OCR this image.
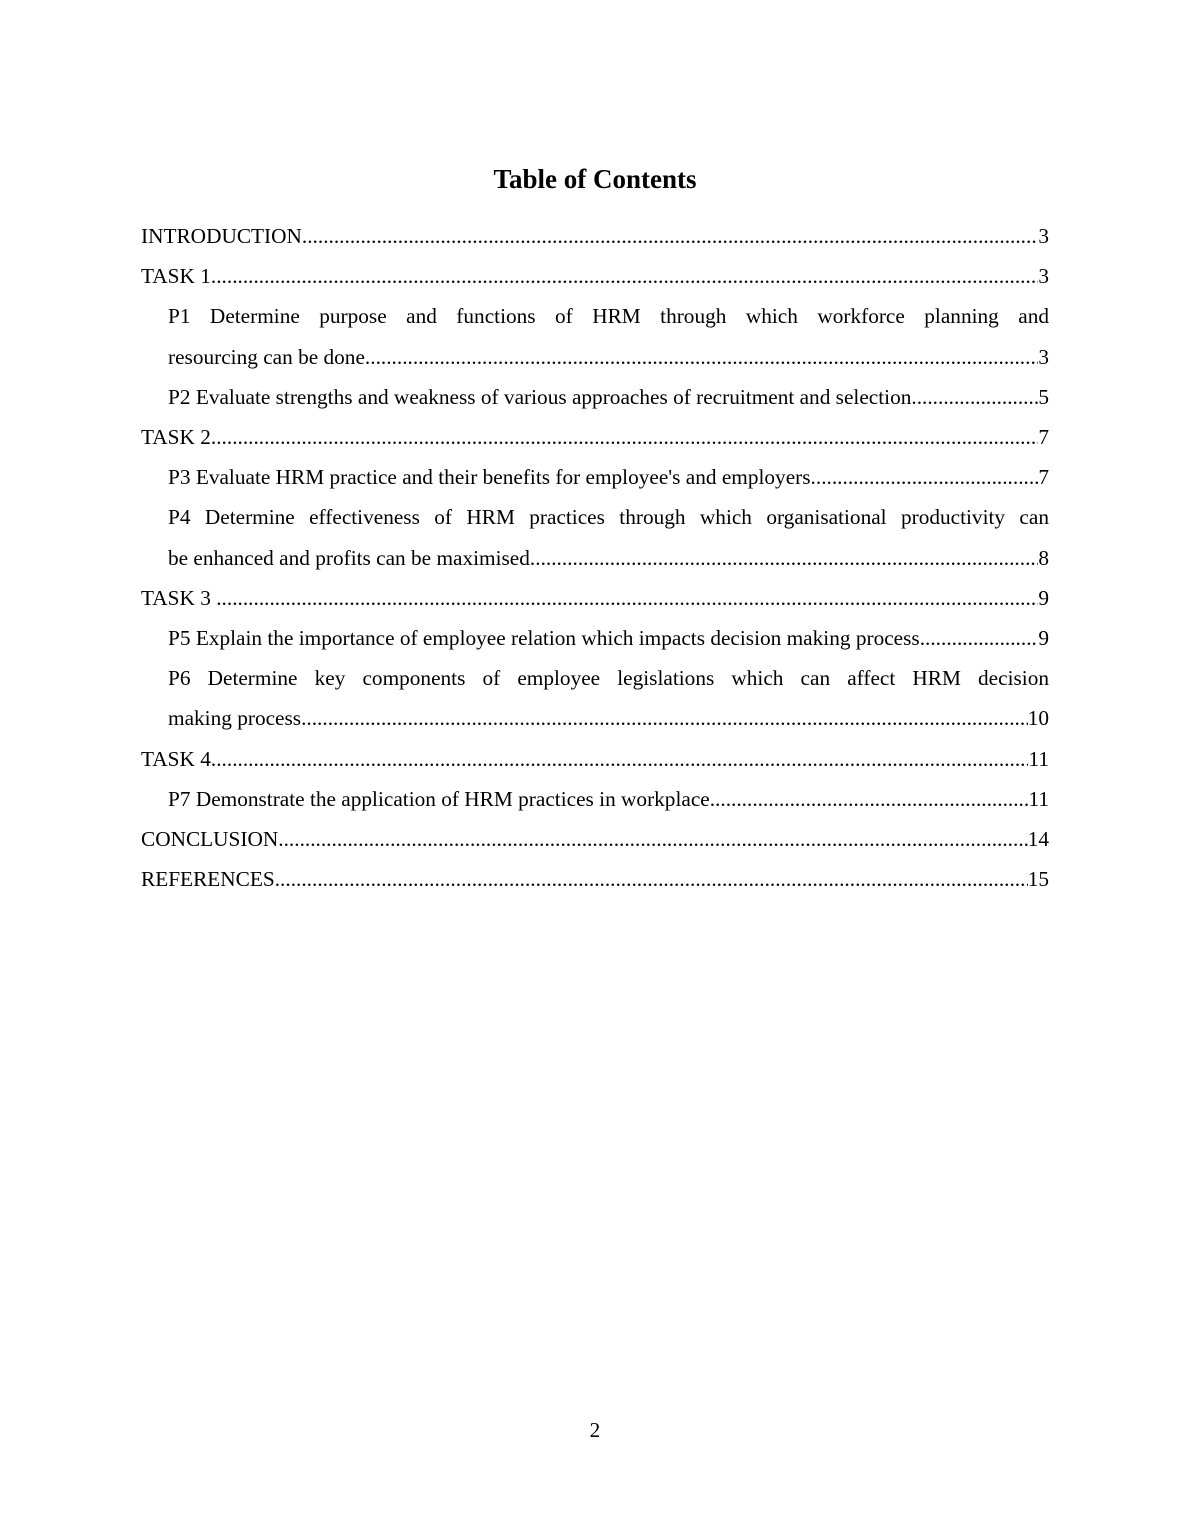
Table of Contents
INTRODUCTION .....	3
TASK 1 .....	3
P1 Determine purpose and functions of HRM through which workforce planning and
resourcing can be done .....	3
P2 Evaluate strengths and weakness of various approaches of recruitment and selection .....	5
TASK 2 .....	7
P3 Evaluate HRM practice and their benefits for employee's and employers .....	7
P4 Determine effectiveness of HRM practices through which organisational productivity can
be enhanced and profits can be maximised .....	8
TASK 3 .....	9
P5 Explain the importance of employee relation which impacts decision making process .....	9
P6 Determine key components of employee legislations which can affect HRM decision
making process .....	10
TASK 4 .....	11
P7 Demonstrate the application of HRM practices in workplace .....	11
CONCLUSION .....	14
REFERENCES .....	15
2
